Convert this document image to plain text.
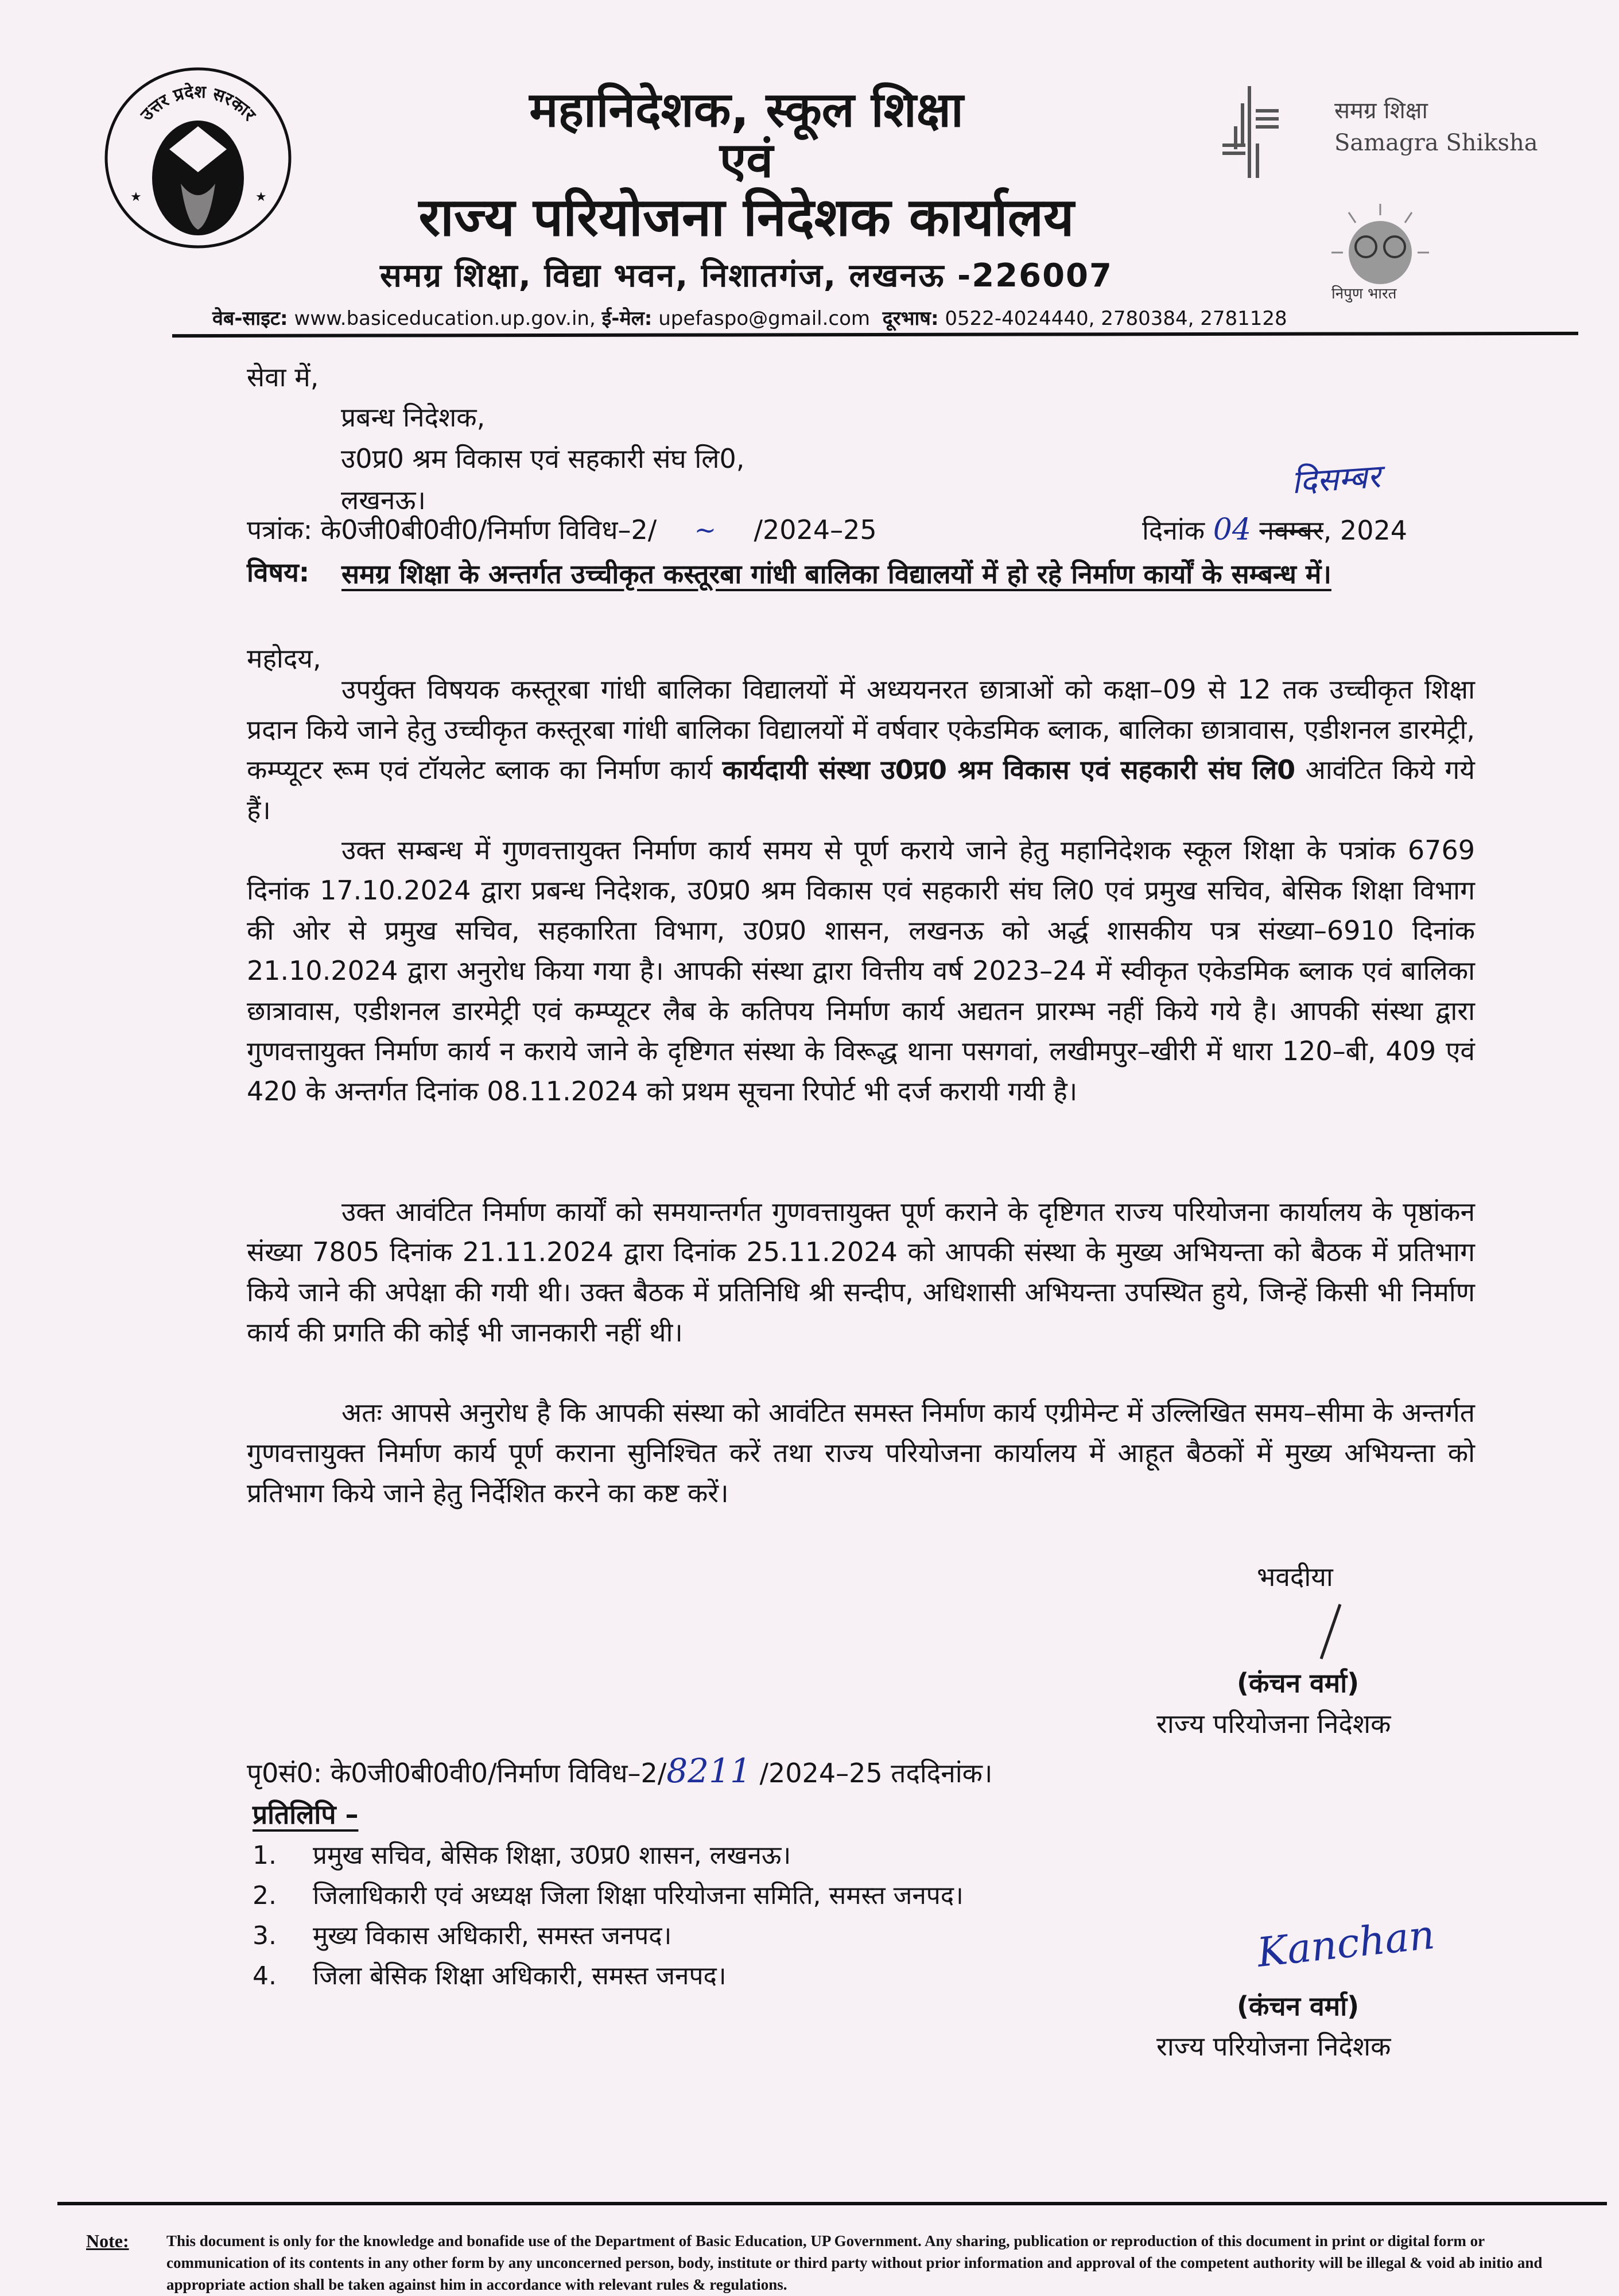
उत्तर प्रदेश सरकार
★	★
महानिदेशक, स्कूल शिक्षा
एवं
राज्य परियोजना निदेशक कार्यालय
समग्र शिक्षा, विद्या भवन, निशातगंज, लखनऊ -226007
वेब-साइट: www.basiceducation.up.gov.in, ई-मेल: upefaspo@gmail.com दूरभाष: 0522-4024440, 2780384, 2781128
समग्र शिक्षा
Samagra Shiksha
निपुण भारत
सेवा में,
प्रबन्ध निदेशक,
उ0प्र0 श्रम विकास एवं सहकारी संघ लि0,
लखनऊ।	दिसम्बर
पत्रांक: के0जी0बी0वी0/निर्माण विविध–2/ ~ /2024–25	दिनांक 04 नवम्बर, 2024
विषय:	समग्र शिक्षा के अन्तर्गत उच्चीकृत कस्तूरबा गांधी बालिका विद्यालयों में हो रहे निर्माण कार्यों के सम्बन्ध में।
महोदय,
उपर्युक्त विषयक कस्तूरबा गांधी बालिका विद्यालयों में अध्ययनरत छात्राओं को कक्षा–09 से 12 तक उच्चीकृत शिक्षा प्रदान किये जाने हेतु उच्चीकृत कस्तूरबा गांधी बालिका विद्यालयों में वर्षवार एकेडमिक ब्लाक, बालिका छात्रावास, एडीशनल डारमेट्री, कम्प्यूटर रूम एवं टॉयलेट ब्लाक का निर्माण कार्य कार्यदायी संस्था उ0प्र0 श्रम विकास एवं सहकारी संघ लि0 आवंटित किये गये हैं।
उक्त सम्बन्ध में गुणवत्तायुक्त निर्माण कार्य समय से पूर्ण कराये जाने हेतु महानिदेशक स्कूल शिक्षा के पत्रांक 6769 दिनांक 17.10.2024 द्वारा प्रबन्ध निदेशक, उ0प्र0 श्रम विकास एवं सहकारी संघ लि0 एवं प्रमुख सचिव, बेसिक शिक्षा विभाग की ओर से प्रमुख सचिव, सहकारिता विभाग, उ0प्र0 शासन, लखनऊ को अर्द्ध शासकीय पत्र संख्या–6910 दिनांक 21.10.2024 द्वारा अनुरोध किया गया है। आपकी संस्था द्वारा वित्तीय वर्ष 2023–24 में स्वीकृत एकेडमिक ब्लाक एवं बालिका छात्रावास, एडीशनल डारमेट्री एवं कम्प्यूटर लैब के कतिपय निर्माण कार्य अद्यतन प्रारम्भ नहीं किये गये है। आपकी संस्था द्वारा गुणवत्तायुक्त निर्माण कार्य न कराये जाने के दृष्टिगत संस्था के विरूद्ध थाना पसगवां, लखीमपुर–खीरी में धारा 120–बी, 409 एवं 420 के अन्तर्गत दिनांक 08.11.2024 को प्रथम सूचना रिपोर्ट भी दर्ज करायी गयी है।
उक्त आवंटित निर्माण कार्यों को समयान्तर्गत गुणवत्तायुक्त पूर्ण कराने के दृष्टिगत राज्य परियोजना कार्यालय के पृष्ठांकन संख्या 7805 दिनांक 21.11.2024 द्वारा दिनांक 25.11.2024 को आपकी संस्था के मुख्य अभियन्ता को बैठक में प्रतिभाग किये जाने की अपेक्षा की गयी थी। उक्त बैठक में प्रतिनिधि श्री सन्दीप, अधिशासी अभियन्ता उपस्थित हुये, जिन्हें किसी भी निर्माण कार्य की प्रगति की कोई भी जानकारी नहीं थी।
अतः आपसे अनुरोध है कि आपकी संस्था को आवंटित समस्त निर्माण कार्य एग्रीमेन्ट में उल्लिखित समय–सीमा के अन्तर्गत गुणवत्तायुक्त निर्माण कार्य पूर्ण कराना सुनिश्चित करें तथा राज्य परियोजना कार्यालय में आहूत बैठकों में मुख्य अभियन्ता को प्रतिभाग किये जाने हेतु निर्देशित करने का कष्ट करें।
भवदीया
(कंचन वर्मा)
राज्य परियोजना निदेशक
पृ0सं0: के0जी0बी0वी0/निर्माण विविध–2/8211 /2024–25 तददिनांक।
प्रतिलिपि –
1.	प्रमुख सचिव, बेसिक शिक्षा, उ0प्र0 शासन, लखनऊ।
2.	जिलाधिकारी एवं अध्यक्ष जिला शिक्षा परियोजना समिति, समस्त जनपद।
3.	मुख्य विकास अधिकारी, समस्त जनपद।
4.	जिला बेसिक शिक्षा अधिकारी, समस्त जनपद।	Kanchan
(कंचन वर्मा)
राज्य परियोजना निदेशक
Note: This document is only for the knowledge and bonafide use of the Department of Basic Education, UP Government. Any sharing, publication or reproduction of this document in print or digital form or communication of its contents in any other form by any unconcerned person, body, institute or third party without prior information and approval of the competent authority will be illegal & void ab initio and appropriate action shall be taken against him in accordance with relevant rules & regulations.
